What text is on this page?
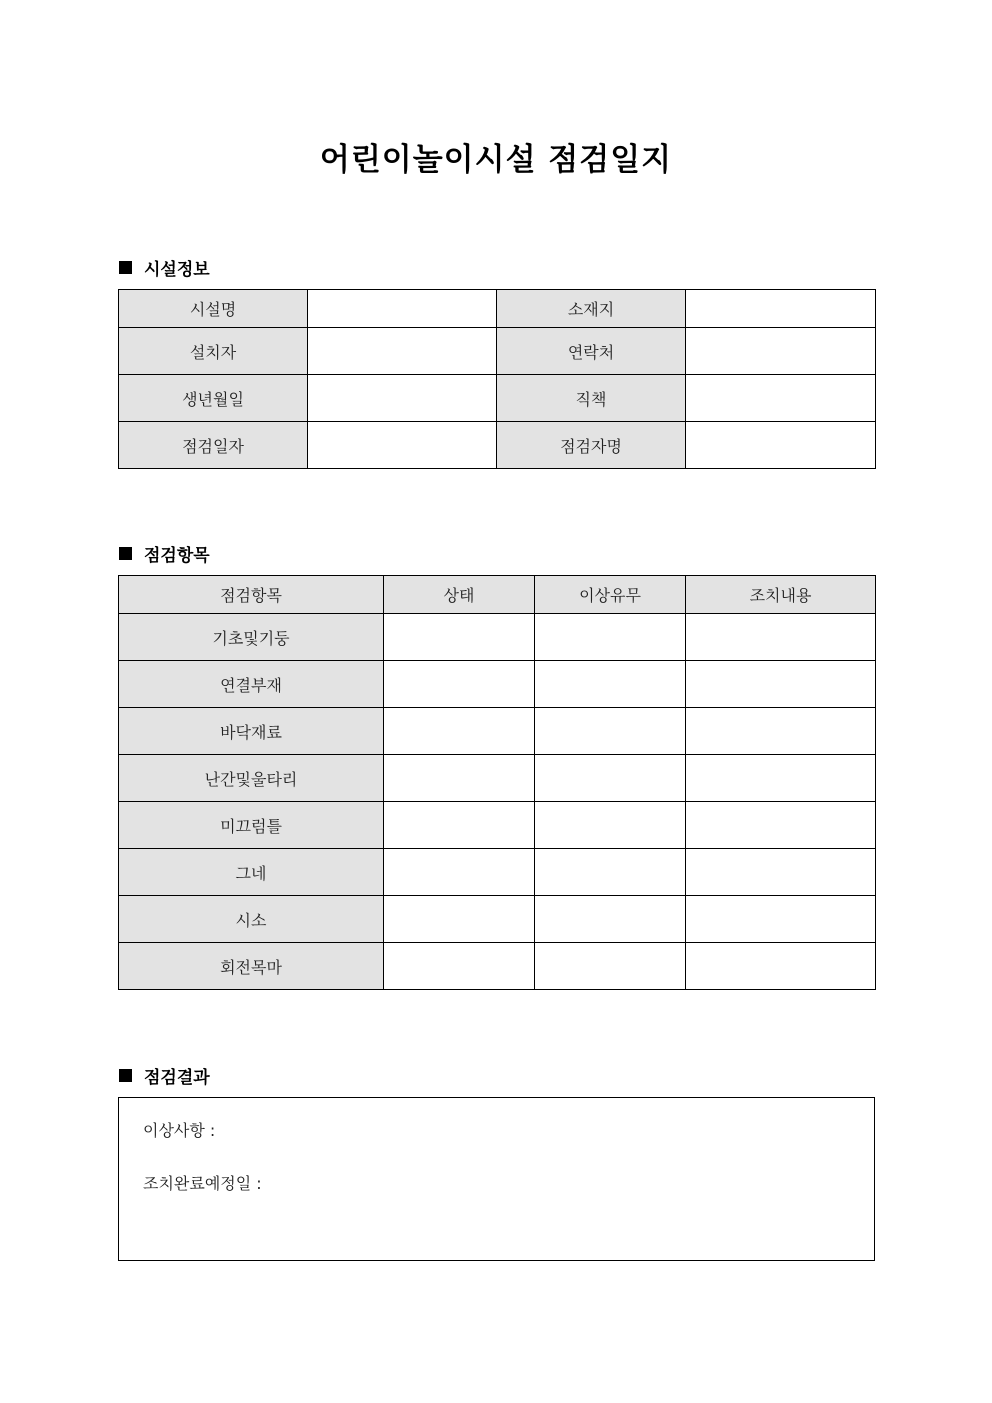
어린이놀이시설 점검일지
시설정보
시설명		소재지	
설치자		연락처	
생년월일		직책	
점검일자		점검자명	
점검항목
점검항목	상태	이상유무	조치내용
기초및기둥			
연결부재			
바닥재료			
난간및울타리			
미끄럼틀			
그네			
시소			
회전목마			
점검결과
이상사항 :
조치완료예정일 :
